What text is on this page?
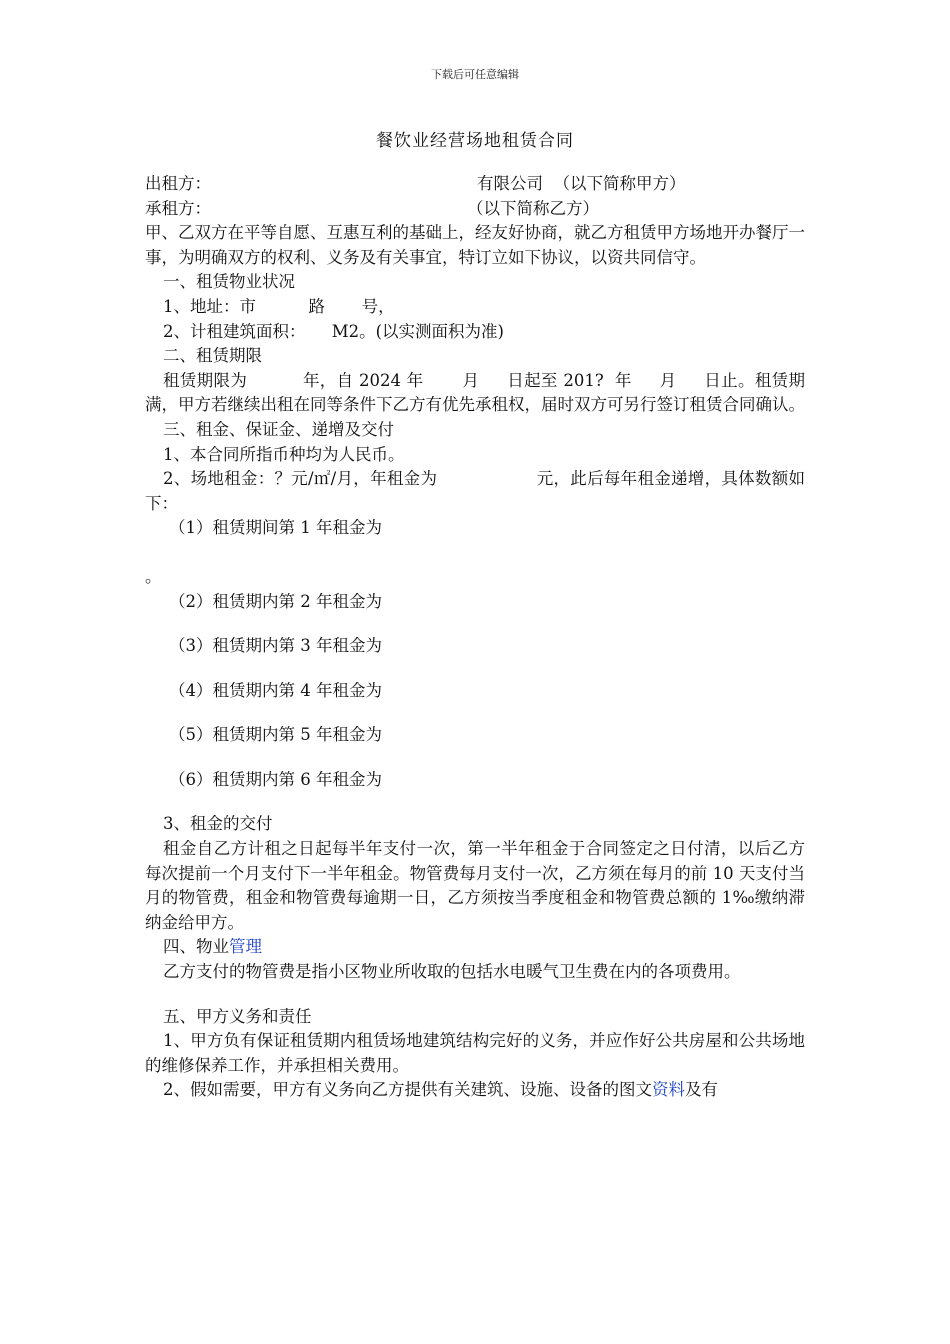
下载后可任意编辑
餐饮业经营场地租赁合同
出租方：	有限公司  （以下简称甲方）
承租方：	（以下简称乙方）
甲、乙双方在平等自愿、互惠互利的基础上，经友好协商，就乙方租赁甲方场地开办餐厅一事，为明确双方的权利、义务及有关事宜，特订立如下协议，以资共同信守。
一、租赁物业状况
1、地址：市          路       号，
2、计租建筑面积：     M2。(以实测面积为准)
二、租赁期限
租赁期限为          年，自 2024 年       月     日起至 201?  年     月     日止。租赁期满，甲方若继续出租在同等条件下乙方有优先承租权，届时双方可另行签订租赁合同确认。
三、租金、保证金、递增及交付
1、本合同所指币种均为人民币。
2、场地租金：？元/㎡/月，年租金为                  元，此后每年租金递增，具体数额如下：
（1）租赁期间第 1 年租金为
。
（2）租赁期内第 2 年租金为
（3）租赁期内第 3 年租金为
（4）租赁期内第 4 年租金为
（5）租赁期内第 5 年租金为
（6）租赁期内第 6 年租金为
3、租金的交付
租金自乙方计租之日起每半年支付一次，第一半年租金于合同签定之日付清，以后乙方每次提前一个月支付下一半年租金。物管费每月支付一次，乙方须在每月的前 10 天支付当月的物管费，租金和物管费每逾期一日，乙方须按当季度租金和物管费总额的 1‰缴纳滞纳金给甲方。
四、物业管理
乙方支付的物管费是指小区物业所收取的包括水电暖气卫生费在内的各项费用。
五、甲方义务和责任
1、甲方负有保证租赁期内租赁场地建筑结构完好的义务，并应作好公共房屋和公共场地的维修保养工作，并承担相关费用。
2、假如需要，甲方有义务向乙方提供有关建筑、设施、设备的图文资料及有
